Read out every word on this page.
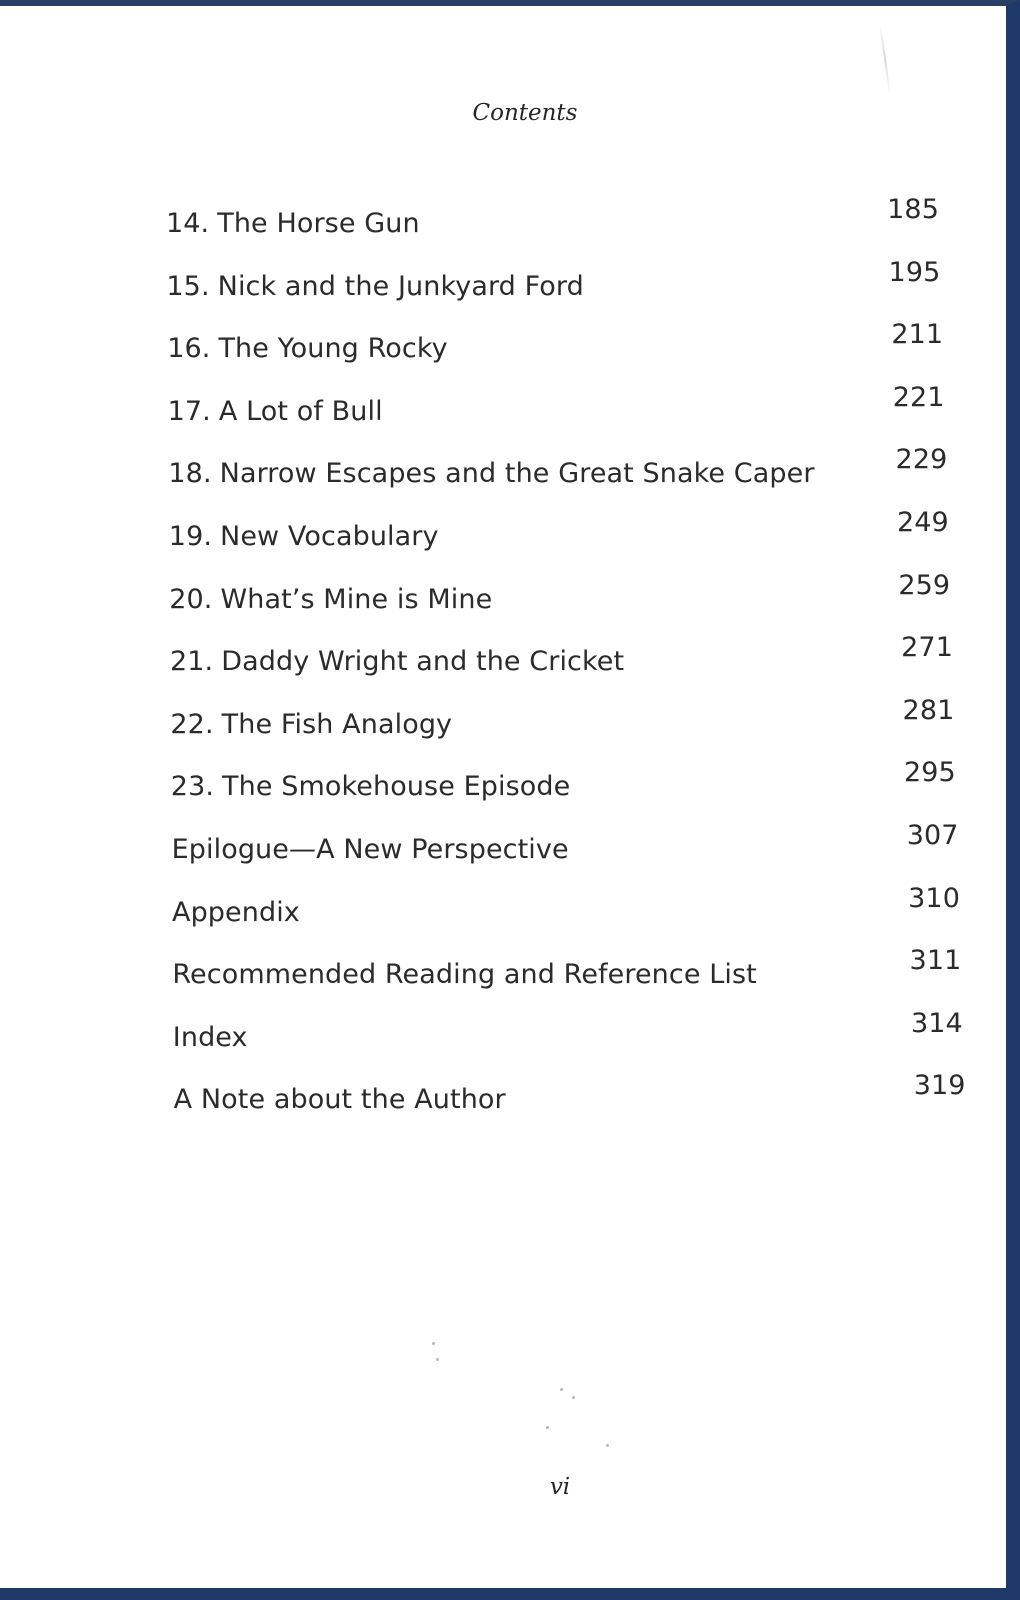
Contents
14. The Horse Gun	185
15. Nick and the Junkyard Ford	195
16. The Young Rocky	211
17. A Lot of Bull	221
18. Narrow Escapes and the Great Snake Caper	229
19. New Vocabulary	249
20. What’s Mine is Mine	259
21. Daddy Wright and the Cricket	271
22. The Fish Analogy	281
23. The Smokehouse Episode	295
Epilogue—A New Perspective	307
Appendix	310
Recommended Reading and Reference List	311
Index	314
A Note about the Author	319
vi
